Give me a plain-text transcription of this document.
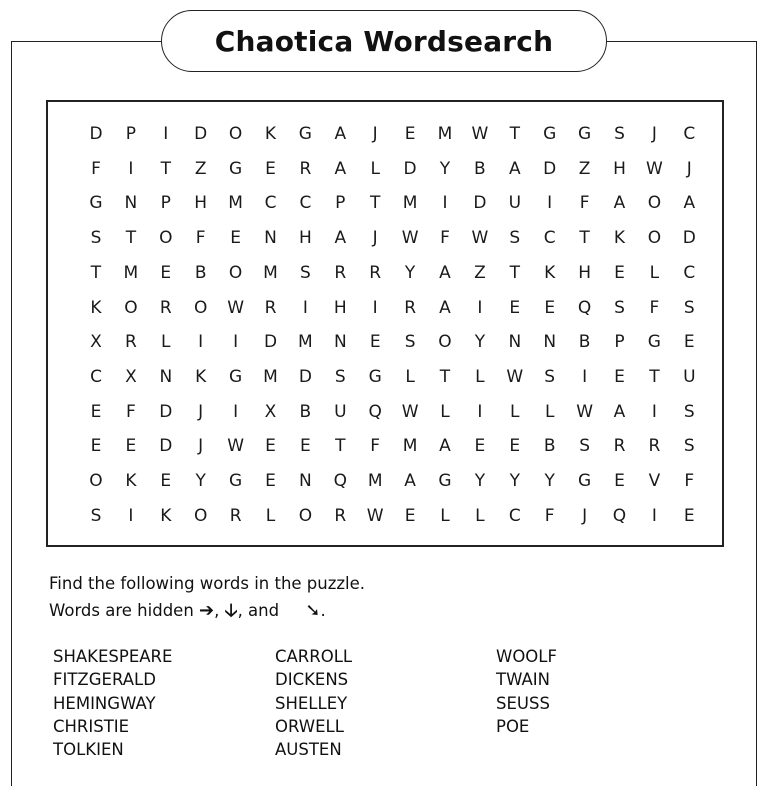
Chaotica Wordsearch
D	P	I	D	O	K	G	A	J	E	M W	T	G	G	S	J	C
F	I	T	Z	G	E	R	A	L	D	Y	B	A	D	Z	H	W	J
G	N	P	H	M	C	C	P	T	M	I	D	U	I	F	A	O	A
S	T	O	F	E	N	H	A	J	W	F	W	S	C	T	K	O	D
T	M	E	B	O	M	S	R	R	Y	A	Z	T	K	H	E	L	C
K	O	R	O	W	R	I	H	I	R	A	I	E	E	Q	S	F	S
X	R	L	I	I	D	M	N	E	S	O	Y	N	N	B	P	G	E
C	X	N	K	G	M	D	S	G	L	T	L	W	S	I	E	T	U
E	F	D	J	I	X	B	U	Q	W	L	I	L	L	W	A	I	S
E	E	D	J	W	E	E	T	F	M	A	E	E	B	S	R	R	S
O	K	E	Y	G	E	N	Q	M	A	G	Y	Y	Y	G	E	V	F
S	I	K	O	R	L	O	R	W	E	L	L	C	F	J	Q	I	E
Find the following words in the puzzle.
Words are hidden ➔, 🡣, and ➘.
SHAKESPEARE
FITZGERALD
HEMINGWAY
CHRISTIE
TOLKIEN
CARROLL
DICKENS
SHELLEY
ORWELL
AUSTEN
WOOLF
TWAIN
SEUSS
POE
